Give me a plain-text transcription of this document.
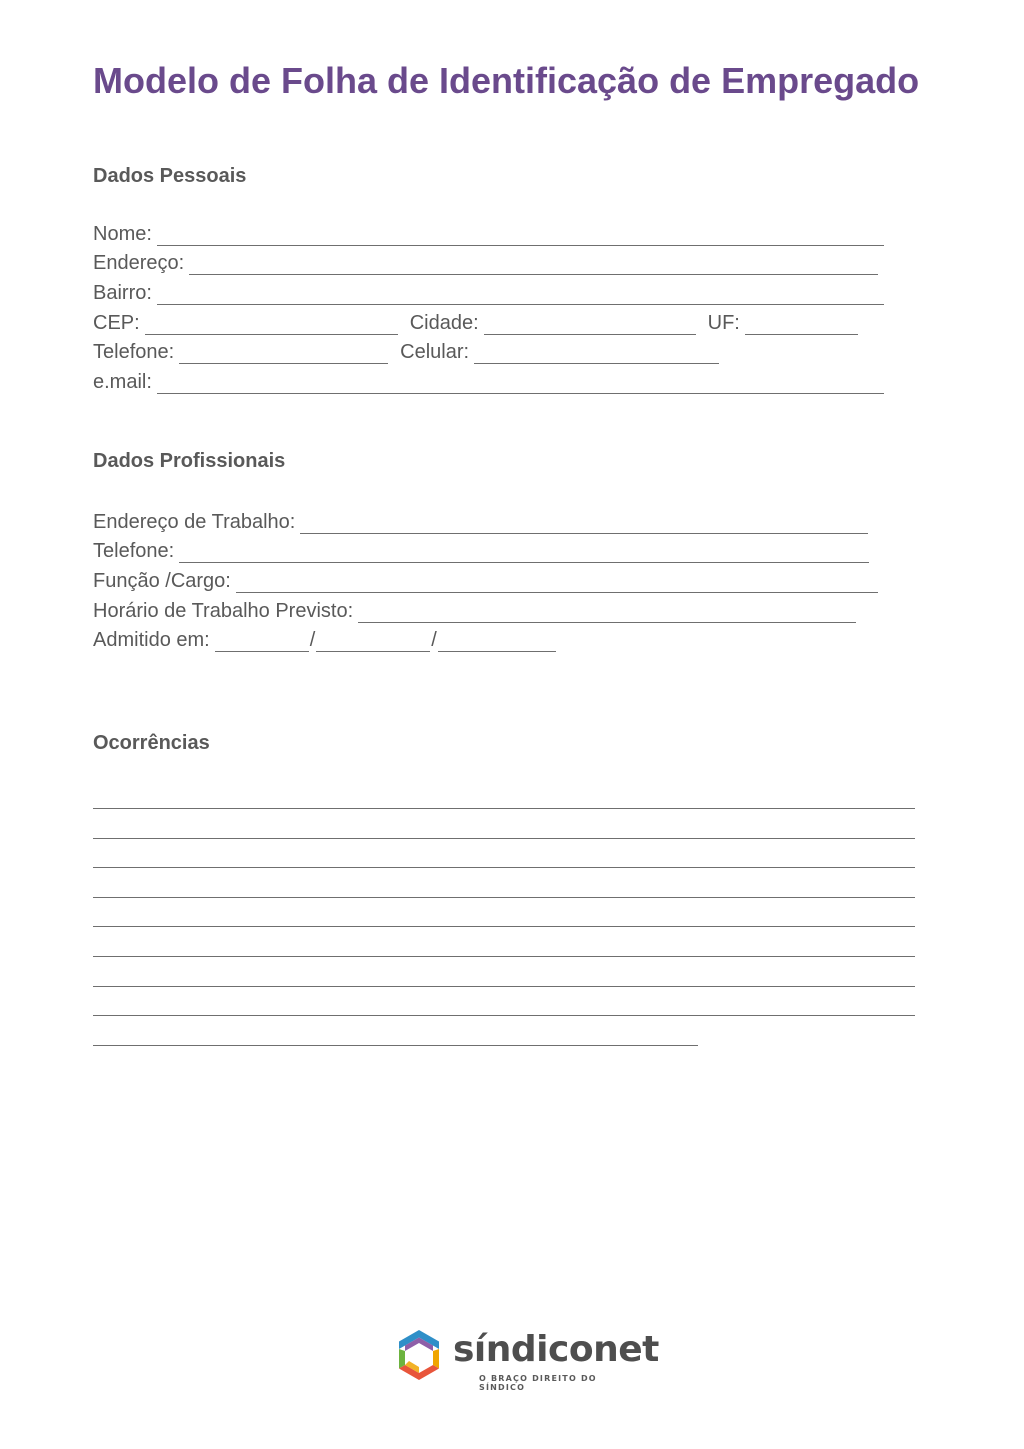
Modelo de Folha de Identificação de Empregado
Dados Pessoais
Nome:
Endereço:
Bairro:
CEP:	Cidade:	UF:
Telefone:	Celular:
e.mail:
Dados Profissionais
Endereço de Trabalho:
Telefone:
Função /Cargo:
Horário de Trabalho Previsto:
Admitido em:	/	/
Ocorrências
síndiconet
O BRAÇO DIREITO DO SÍNDICO
